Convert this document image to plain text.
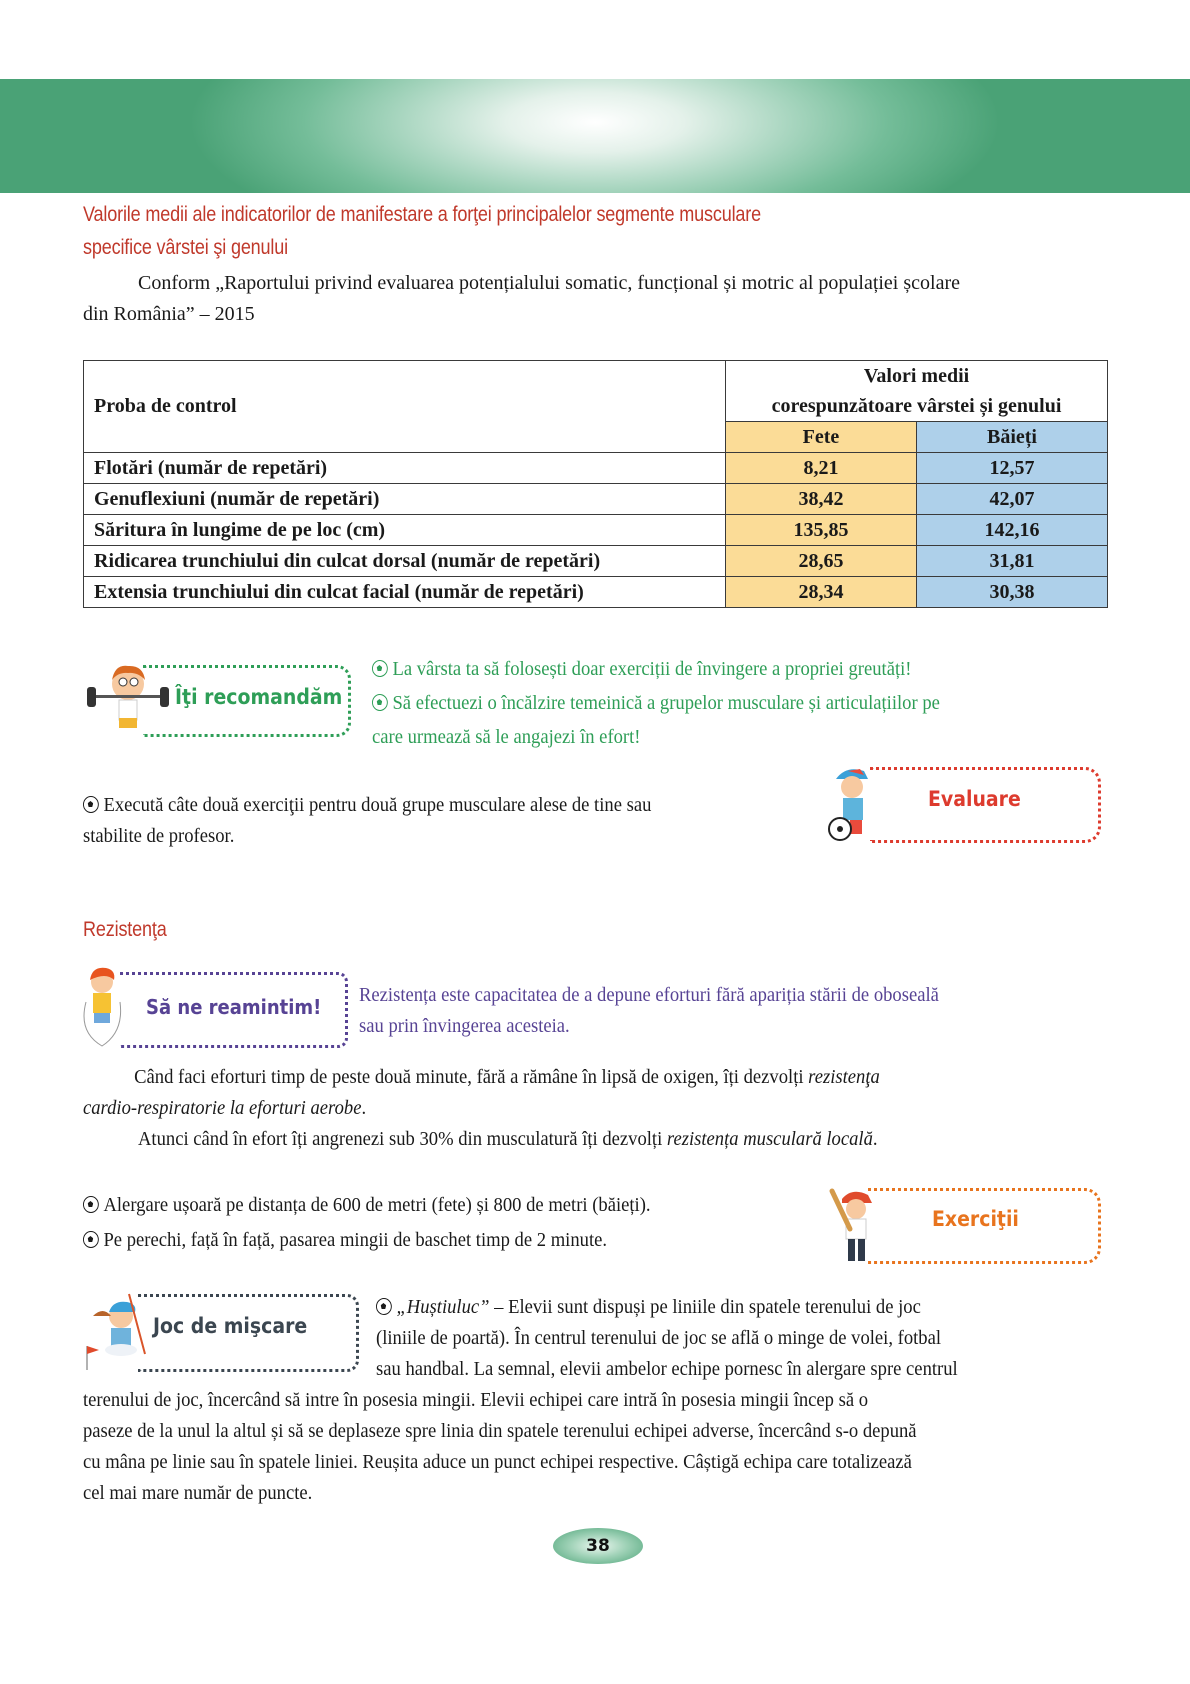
Valorile medii ale indicatorilor de manifestare a forţei principalelor segmente musculare
specifice vârstei şi genului
Conform „Raportului privind evaluarea potențialului somatic, funcțional și motric al populației școlare
din România” – 2015
Proba de control	Valori medii
corespunzătoare vârstei și genului	

	Fete	Băieți
Flotări (număr de repetări)	8,21	12,57
Genuflexiuni (număr de repetări)	38,42	42,07
Săritura în lungime de pe loc (cm)	135,85	142,16
Ridicarea trunchiului din culcat dorsal (număr de repetări)	28,65	31,81
Extensia trunchiului din culcat facial (număr de repetări)	28,34	30,38
Îţi recomandăm
La vârsta ta să folosești doar exerciții de învingere a propriei greutăți!
Să efectuezi o încălzire temeinică a grupelor musculare și articulațiilor pe
care urmează să le angajezi în efort!
Execută câte două exerciţii pentru două grupe musculare alese de tine sau
stabilite de profesor.
Evaluare
Rezistenţa
Să ne reamintim! Rezistența este capacitatea de a depune eforturi fără apariția stării de oboseală
sau prin învingerea acesteia.
Când faci eforturi timp de peste două minute, fără a rămâne în lipsă de oxigen, îți dezvolți rezistenţa
cardio-respiratorie la eforturi aerobe.
Atunci când în efort îți angrenezi sub 30% din musculatură îți dezvolți rezistența musculară locală.
Alergare ușoară pe distanța de 600 de metri (fete) și 800 de metri (băieți).
Pe perechi, față în față, pasarea mingii de baschet timp de 2 minute.
Exerciţii
Joc de mişcare
„Huștiuluc” – Elevii sunt dispuși pe liniile din spatele terenului de joc
(liniile de poartă). În centrul terenului de joc se află o minge de volei, fotbal
sau handbal. La semnal, elevii ambelor echipe pornesc în alergare spre centrul
terenului de joc, încercând să intre în posesia mingii. Elevii echipei care intră în posesia mingii încep să o
paseze de la unul la altul și să se deplaseze spre linia din spatele terenului echipei adverse, încercând s-o depună
cu mâna pe linie sau în spatele liniei. Reușita aduce un punct echipei respective. Câștigă echipa care totalizează
cel mai mare număr de puncte.
38
